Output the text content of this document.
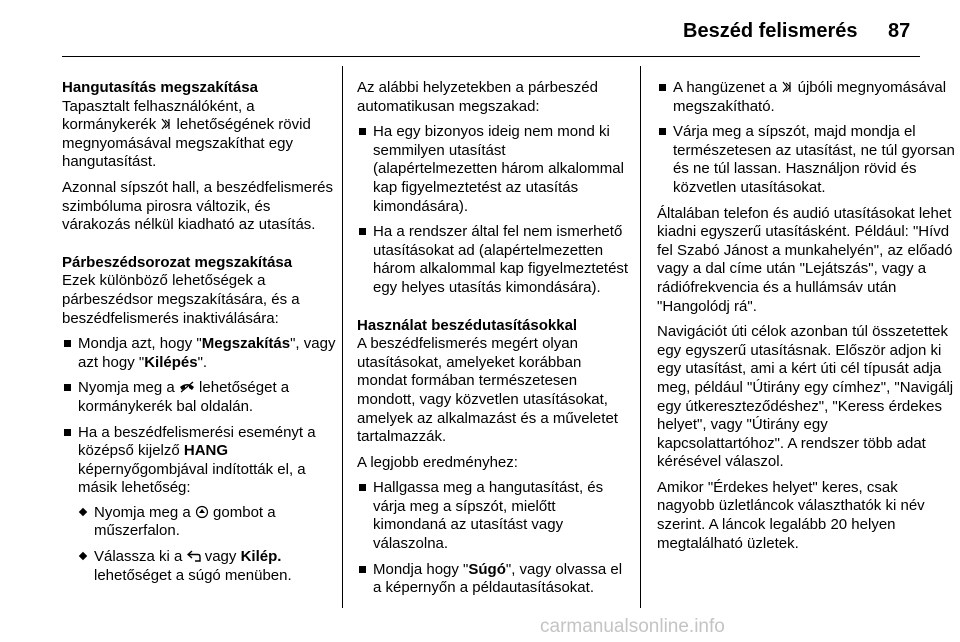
Beszéd felismerés 87
Hangutasítás megszakítása

Tapasztalt felhasználóként, a kormánykerék lehetőségének rövid megnyomásával megszakíthat egy hangutasítást.

Azonnal sípszót hall, a beszédfelismerés szimbóluma pirosra változik, és várakozás nélkül kiadható az utasítás.

Párbeszédsorozat megszakítása

Ezek különböző lehetőségek a párbeszédsor megszakítására, és a beszédfelismerés inaktiválására:

Mondja azt, hogy "Megszakítás", vagy azt hogy "Kilépés".
Nyomja meg a lehetőséget a kormánykerék bal oldalán.
Ha a beszédfelismerési eseményt a középső kijelző HANG képernyőgombjával indították el, a másik lehetőség:
Nyomja meg a gombot a műszerfalon.
Válassza ki a vagy Kilép. lehetőséget a súgó menüben.

Az alábbi helyzetekben a párbeszéd automatikusan megszakad:

Ha egy bizonyos ideig nem mond ki semmilyen utasítást (alapértelmezetten három alkalommal kap figyelmeztetést az utasítás kimondására).
Ha a rendszer által fel nem ismerhető utasításokat ad (alapértelmezetten három alkalommal kap figyelmeztetést egy helyes utasítás kimondására).
Használat beszédutasításokkal

A beszédfelismerés megért olyan utasításokat, amelyeket korábban mondat formában természetesen mondott, vagy közvetlen utasításokat, amelyek az alkalmazást és a műveletet tartalmazzák.

A legjobb eredményhez:

Hallgassa meg a hangutasítást, és várja meg a sípszót, mielőtt kimondaná az utasítást vagy válaszolna.
Mondja hogy "Súgó", vagy olvassa el a képernyőn a példautasításokat.
A hangüzenet a újbóli megnyomásával megszakítható.
Várja meg a sípszót, majd mondja el természetesen az utasítást, ne túl gyorsan és ne túl lassan. Használjon rövid és közvetlen utasításokat.

Általában telefon és audió utasításokat lehet kiadni egyszerű utasításként. Például: "Hívd fel Szabó Jánost a munkahelyén", az előadó vagy a dal címe után "Lejátszás", vagy a rádiófrekvencia és a hullámsáv után "Hangolódj rá".

Navigációt úti célok azonban túl összetettek egy egyszerű utasításnak. Először adjon ki egy utasítást, ami a kért úti cél típusát adja meg, például "Útirány egy címhez", "Navigálj egy útkereszteződéshez", "Keress érdekes helyet", vagy "Útirány egy kapcsolattartóhoz". A rendszer több adat kérésével válaszol.

Amikor "Érdekes helyet" keres, csak nagyobb üzletláncok választhatók ki név szerint. A láncok legalább 20 helyen megtalálható üzletek.

carmanualsonline.info
